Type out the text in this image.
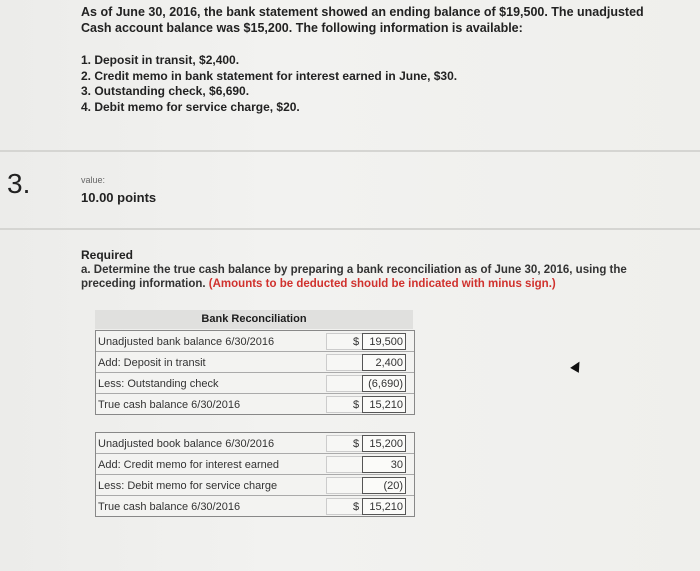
As of June 30, 2016, the bank statement showed an ending balance of $19,500. The unadjusted Cash account balance was $15,200. The following information is available:
1. Deposit in transit, $2,400.
2. Credit memo in bank statement for interest earned in June, $30.
3. Outstanding check, $6,690.
4. Debit memo for service charge, $20.
3.	value:
10.00 points
Required
a. Determine the true cash balance by preparing a bank reconciliation as of June 30, 2016, using the preceding information. (Amounts to be deducted should be indicated with minus sign.)
Bank Reconciliation
Unadjusted bank balance 6/30/2016	$ 19,500
Add: Deposit in transit	2,400
Less: Outstanding check	(6,690)
True cash balance 6/30/2016	$ 15,210
Unadjusted book balance 6/30/2016	$ 15,200
Add: Credit memo for interest earned	30
Less: Debit memo for service charge	(20)
True cash balance 6/30/2016	$ 15,210
